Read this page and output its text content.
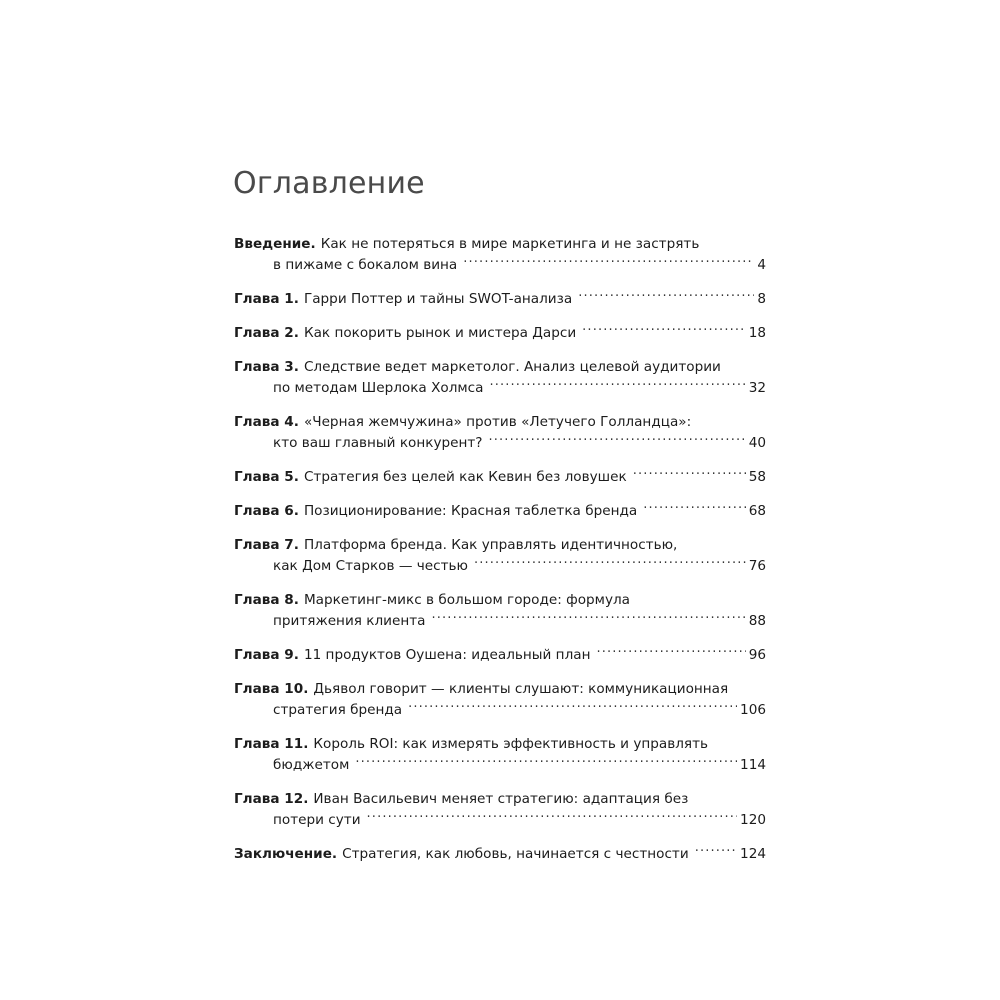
Оглавление
Введение. Как не потеряться в мире маркетинга и не застрять
в пижаме с бокалом вина . . .	4
Глава 1. Гарри Поттер и тайны SWOT-анализа . . .	8
Глава 2. Как покорить рынок и мистера Дарси . . .	18
Глава 3. Следствие ведет маркетолог. Анализ целевой аудитории
по методам Шерлока Холмса . . .	32
Глава 4. «Черная жемчужина» против «Летучего Голландца»:
кто ваш главный конкурент? . . .	40
Глава 5. Стратегия без целей как Кевин без ловушек . . .	58
Глава 6. Позиционирование: Красная таблетка бренда . . .	68
Глава 7. Платформа бренда. Как управлять идентичностью,
как Дом Старков — честью . . .	76
Глава 8. Маркетинг-микс в большом городе: формула
притяжения клиента . . .	88
Глава 9. 11 продуктов Оушена: идеальный план . . .	96
Глава 10. Дьявол говорит — клиенты слушают: коммуникационная
стратегия бренда . . .	106
Глава 11. Король ROI: как измерять эффективность и управлять
бюджетом . . .	114
Глава 12. Иван Васильевич меняет стратегию: адаптация без
потери сути . . .	120
Заключение. Стратегия, как любовь, начинается с честности . . .	124
